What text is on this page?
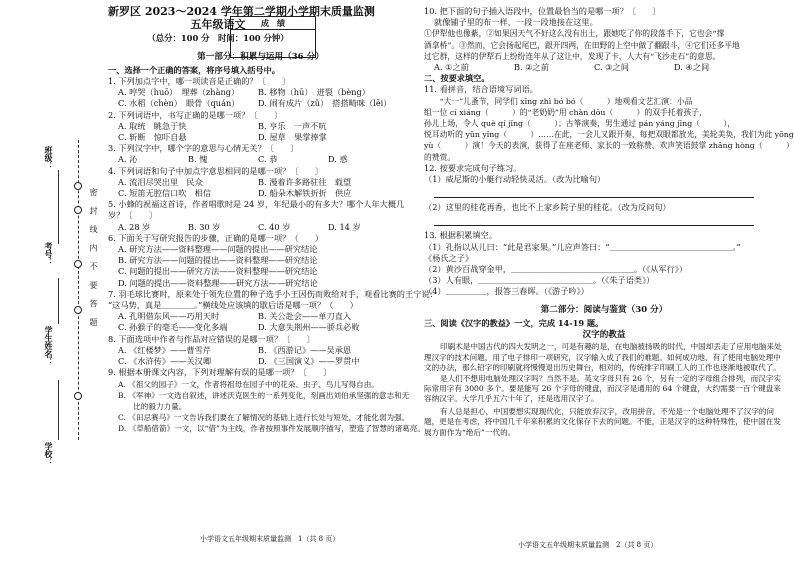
班级：
考号：
学生姓名：
学校：
密 封 线 内 不 要 答 题
成　绩

新罗区 2023～2024 学年第二学期小学期末质量监测

五年级语文
（总分：100 分　时间：100 分钟）
第一部分：积累与运用（36 分）

一、选择一个正确的答案，将序号填入括号中。

1. 下列加点字中，哪一项读音是正确的？〔　　〕

A. 哼哭（huō）　埋葬（zhàng） B. 移物（hū）　迸裂（bèng）

C. 水稻（chèn）　眼骨（quán） D. 闹有成片（zǔ）　搭搭畸咪（lēi）

2. 下列词语中，书写正确的是哪一项？〔　　〕

A. 取统　眺急于快	B. 亨乐　一声不吭

C. 斩断　惊吓自悬	D. 屋草　果掌捧掌

3. 下列汉字中，哪个字的意思与心情无关？〔　　〕

A. 沁	B. 愧	C. 恭	D. 惑

4. 下列词语和句子中加点字意思相同的是哪一项？〔　　〕

A. 流泪尽哭出里　民众	B. 漫着许多路驻往　载望

C. 短笛无腔信口吹　相信	D. 船朵木解铁折折　供应

5. 小蜂的祝福这首诗，作者唱歌时是 24 岁，年纪最小的有多大？哪个人年大概几岁？〔　　〕

A. 28 岁	B. 30 岁	C. 40 岁	D. 14 岁

6. 下面关于写研究报告的步骤，正确的是哪一项？（　　）

A. 研究方法——资料整理——问题的提出——研究结论

B. 研究方法——问题的提出——资料整理——研究结论

C. 问题的提出——研究方法——资料整理——研究结论

D. 问题的提出——资料整理——研究方法——研究结论

7. 羽毛球比赛时，原来处于领先位置的种子选手小王因伤而败给对手，观看比赛的王宁说：

“这马势，真是＿＿＿＿。”横线处应该填的歇后语是哪一项？（　　）

A. 孔明借东风——巧用天时	B. 关公赴会——单刀直入

C. 孙猴子的毫毛——变化多端	D. 大意失荆州——骄兵必败

8. 下面选项中作者与作品对应错误的是哪一项？〔　　〕

A. 《红楼梦》——曹雪芹	B. 《西游记》——吴承恩

C. 《水浒传》——关汉卿	D. 《三国演义》——罗贯中

9. 根据本册课文内容，下列对理解有误的是哪一项？〔　　〕

A. 《祖父的园子》一文，作者将祖母在园子中的花朵、虫子、鸟儿写得自由。

B. 《军神》一文选自叙述，讲述沃克医生的一系列变化，刻画出刘伯承坚强的意志和无

　　比的毅力力量。

C. 《田忌赛马》一文告诉我们要在了解情况的基础上进行长处与短处，才能化弱为强。

D. 《草船借箭》一文，以“借”为主线，作者按照事件发展顺序描写，塑造了智慧的诸葛亮。

小学语文五年级期末质量监测　1（共 8 页）

10. 把下面的句子插入语段中，位置最恰当的是哪一项？〔　　〕

就像铺子里的布一样，一段一段地接在这里。

①伊犁他也像紫，②如果因天气不好这么没有出土，跟她吃了你的段落手下，它也会“撑

酒拿桥”。③然而，它会扬起尾巴，跟开四两，在田野的上空中做了翻跟斗，④它们还多平地

过它群，这样的伊犁石上纷纷连年从了这让中，发现了卡，人大有“飞沙走石”的意思。

A. ①之前	B. ②之前	C. ③之间	D. ④之间

二、按要求填空。

11. 看拼音，结合语境写词语。

　　“大一”儿蚤节，同学们 xīng zhì bó bó（　　　）地观看文艺汇演：小品

组一位 cí xiáng（　　　）的“老奶奶”用 chàn dǒu（　　　）的双手托着孩子，

孙儿上场，令人 què qí jǐng（　　　）；古筝演奏，男生通过 pán yáng jīng（　　　），

悦耳动听的 yǔn yǐng（　　　）……在此，一会儿又跟开奏，每把双眼都放光，美轮美奂，我们为此 yōng

yù（　　　）演！今天的表演，获得了在座老师、家长的一致称赞、欢声笑语鼓掌 zhāng hòng（　　　）

的赞赏。

12. 按要求完成句子练习。

（1）威尼斯的小艇行动轻快灵活。（改为比喻句）

（2）这里的桂花再香，也比不上家乡院子里的桂花。（改为反问句）

13. 根据积累填空。

（1）孔指以从儿曰：“此是君家果。”儿应声答曰：“＿＿＿＿＿＿＿＿＿＿＿＿＿＿＿。”

《杨氏之子》

（2）黄沙百战穿金甲，＿＿＿＿＿＿＿＿＿＿＿＿＿＿＿。（《从军行》）

（3）人有眼，＿＿＿＿＿＿＿＿＿＿＿＿＿＿。（《朱子语类》）

（4）＿＿＿＿＿，报答三春晖。（《游子吟》）

第二部分：阅读与鉴赏（30 分）

三、阅读《汉字的教益》一文，完成 14-19 题。

汉字的教益

印刷术是中国古代的四大发明之一，可是有趣的是，在电脑被扬吸的时代，中国却丢走了应用电脑来处理汉字的技术问题，用了电子排印一项研究，汉字输入成了我们的难题。如何成功地，有了使用电脑处理中文的办法，那么铅字的印刷就将慢慢退出历史舞台，相对的，传统排字印刷工人的工作也逐渐地被取代了。

是人们不想用电脑处理汉字吗？当然不是。英文字母只有 26 个，另有一定的字母组合排列，而汉字实际常用字有 3000 多个。要是能写 26 个字母的键盘，而汉字是通用的 64 个键盘，大约需要一百个键盘来容纳汉字。大学几乎五六十年了，还是选用汉字了。

有人总是担心，中国要想实现现代化，只能放弃汉字，改用拼音。不光是一个电脑处理不了汉字的问题，更是在考虑，将中国几千年来积累的文化保存下去的问题。不能，正是汉字的这种特殊性，使中国在发展方面作为“绝后”一代的。

小学语文五年级期末质量监测　2（共 8 页）
